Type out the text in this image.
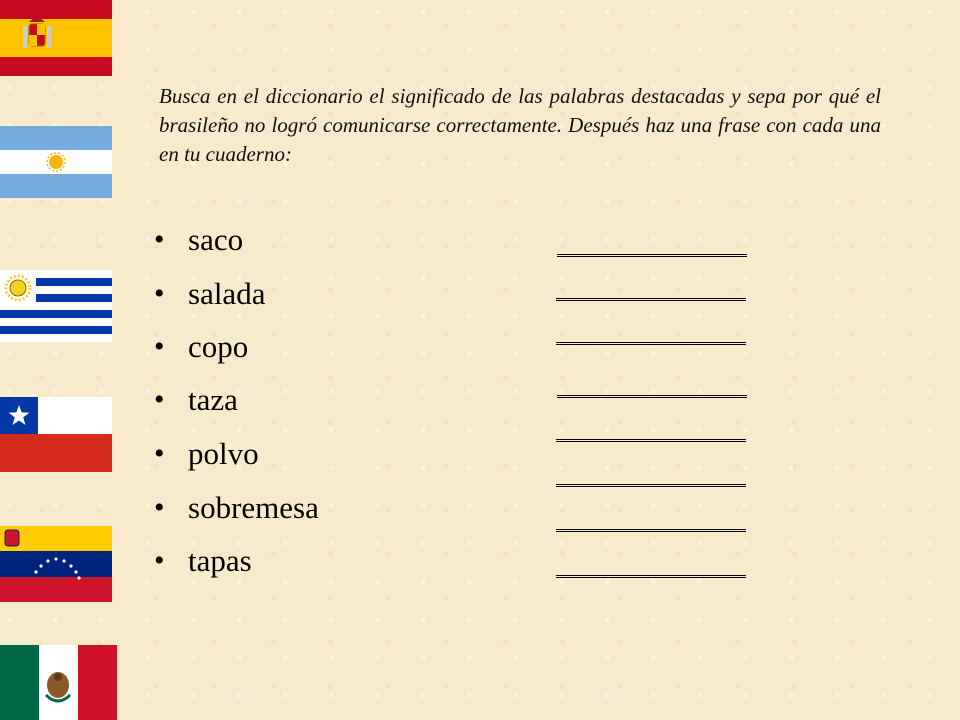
Busca en el diccionario el significado de las palabras destacadas y sepa por qué el brasileño no logró comunicarse correctamente. Después haz una frase con cada una en tu cuaderno:

• saco
• salada
• copo
• taza
• polvo
• sobremesa
• tapas
